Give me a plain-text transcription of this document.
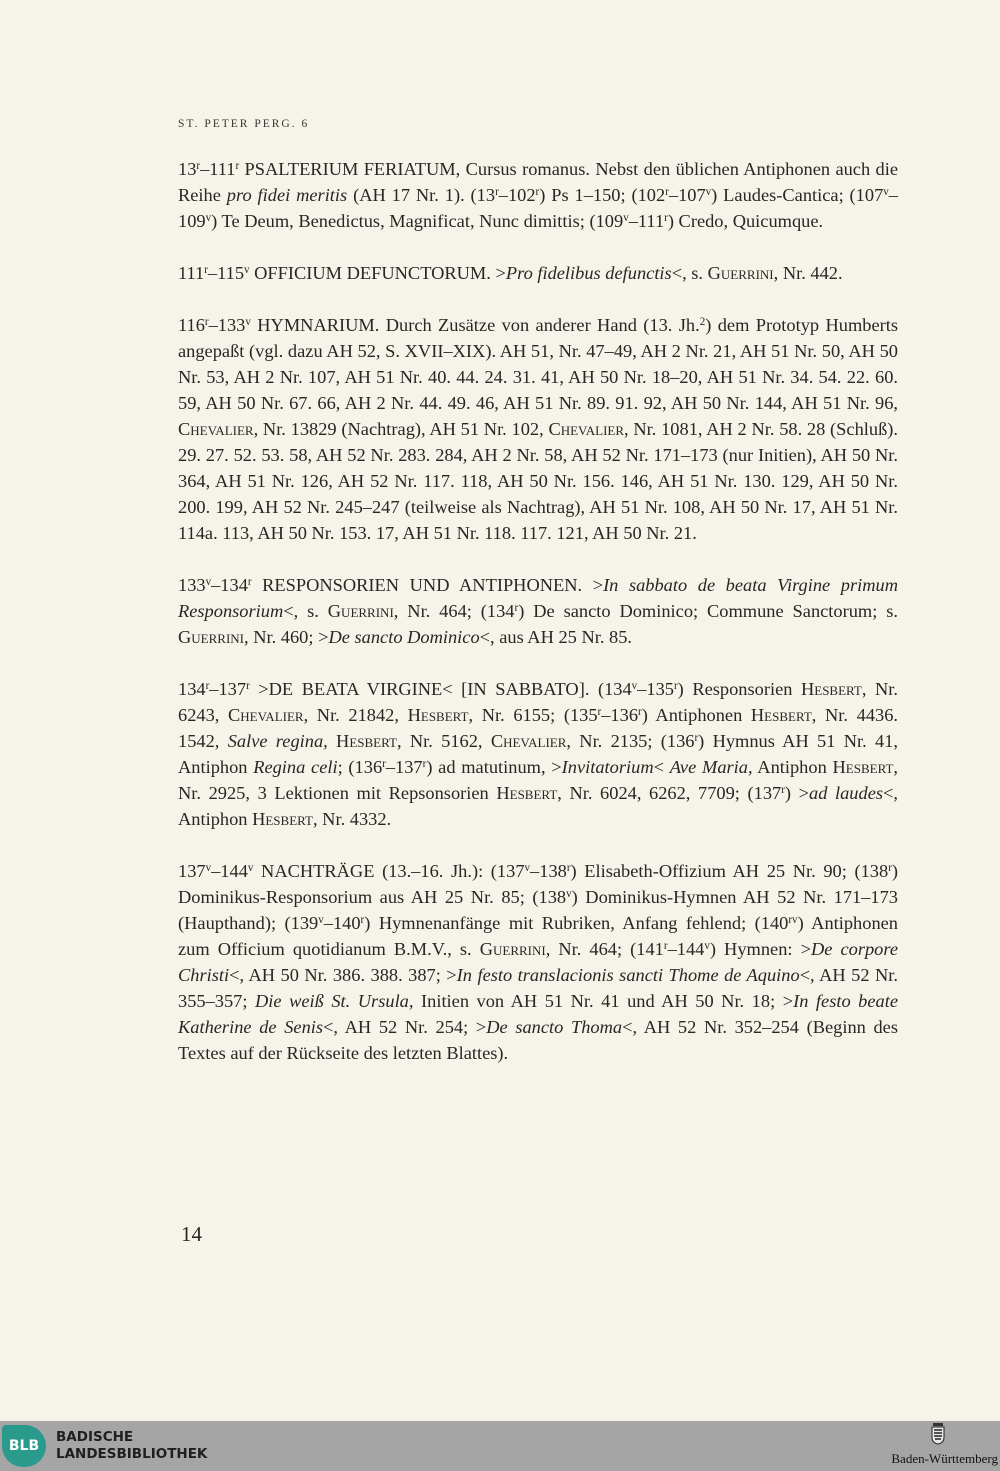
ST. PETER PERG. 6

13$^r$–111$^r$ PSALTERIUM FERIATUM, Cursus romanus. Nebst den üblichen Antiphonen auch die Reihe pro fidei meritis (AH 17 Nr. 1). (13$^r$–102$^r$) Ps 1–150; (102$^r$–107$^v$) Laudes-Cantica; (107$^v$–109$^v$) Te Deum, Benedictus, Magnificat, Nunc dimittis; (109$^v$–111$^r$) Credo, Quicumque.

111$^r$–115$^v$ OFFICIUM DEFUNCTORUM. >Pro fidelibus defunctis<, s. Guerrini, Nr. 442.

116$^r$–133$^v$ HYMNARIUM. Durch Zusätze von anderer Hand (13. Jh.$^2$) dem Prototyp Humberts angepaßt (vgl. dazu AH 52, S. XVII–XIX). AH 51, Nr. 47–49, AH 2 Nr. 21, AH 51 Nr. 50, AH 50 Nr. 53, AH 2 Nr. 107, AH 51 Nr. 40. 44. 24. 31. 41, AH 50 Nr. 18–20, AH 51 Nr. 34. 54. 22. 60. 59, AH 50 Nr. 67. 66, AH 2 Nr. 44. 49. 46, AH 51 Nr. 89. 91. 92, AH 50 Nr. 144, AH 51 Nr. 96, Chevalier, Nr. 13829 (Nachtrag), AH 51 Nr. 102, Chevalier, Nr. 1081, AH 2 Nr. 58. 28 (Schluß). 29. 27. 52. 53. 58, AH 52 Nr. 283. 284, AH 2 Nr. 58, AH 52 Nr. 171–173 (nur Initien), AH 50 Nr. 364, AH 51 Nr. 126, AH 52 Nr. 117. 118, AH 50 Nr. 156. 146, AH 51 Nr. 130. 129, AH 50 Nr. 200. 199, AH 52 Nr. 245–247 (teilweise als Nachtrag), AH 51 Nr. 108, AH 50 Nr. 17, AH 51 Nr. 114a. 113, AH 50 Nr. 153. 17, AH 51 Nr. 118. 117. 121, AH 50 Nr. 21.

133$^v$–134$^r$ RESPONSORIEN UND ANTIPHONEN. >In sabbato de beata Virgine primum Responsorium<, s. Guerrini, Nr. 464; (134$^r$) De sancto Dominico; Commune Sanctorum; s. Guerrini, Nr. 460; >De sancto Dominico<, aus AH 25 Nr. 85.

$134^r-137^r >DE$ BEATA VIRGINE< [IN SABBATO]. (134$^v$–135$^r$) Responsorien Hesbert, Nr. 6243, Chevalier, Nr. 21842, Hesbert, Nr. 6155; (135$^r$–136$^r$) Antiphonen Hesbert, Nr. 4436. 1542, Salve regina, Hesbert, Nr. 5162, Chevalier, Nr. 2135; (136$^r$) Hymnus AH 51 Nr. 41, Antiphon Regina celi; (136$^r$–137$^r$) ad matutinum, >Invitatorium< Ave Maria, Antiphon Hesbert, Nr. 2925, 3 Lektionen mit Repsonsorien Hesbert, Nr. 6024, 6262, 7709; $(137^r) >ad$ laudes<, Antiphon Hesbert, Nr. 4332.

137$^v$–144$^v$ NACHTRÄGE (13.–16. Jh.): (137$^v$–138$^r$) Elisabeth-Offizium AH 25 Nr. 90; (138$^r$) Dominikus-Responsorium aus AH 25 Nr. 85; (138$^v$) Dominikus-Hymnen AH 52 Nr. 171–173 (Haupthand); (139$^v$–140$^r$) Hymnenanfänge mit Rubriken, Anfang fehlend; $(140^{rv})$ Antiphonen zum Officium quotidianum B.M.V., s. Guerrini, Nr. 464; (141$^r$–144$^v$) Hymnen: >De corpore Christi<, AH 50 Nr. 386. 388. 387; >In festo translacionis sancti Thome de Aquino<, AH 52 Nr. 355–357; Die weiß St. Ursula, Initien von AH 51 Nr. 41 und AH 50 Nr. 18; >In festo beate Katherine de Senis<, AH 52 Nr. 254; >De sancto Thoma<, AH 52 Nr. 352–254 (Beginn des Textes auf der Rückseite des letzten Blattes).

14
BLB
BADISCHE
LANDESBIBLIOTHEK	Baden-Württemberg
